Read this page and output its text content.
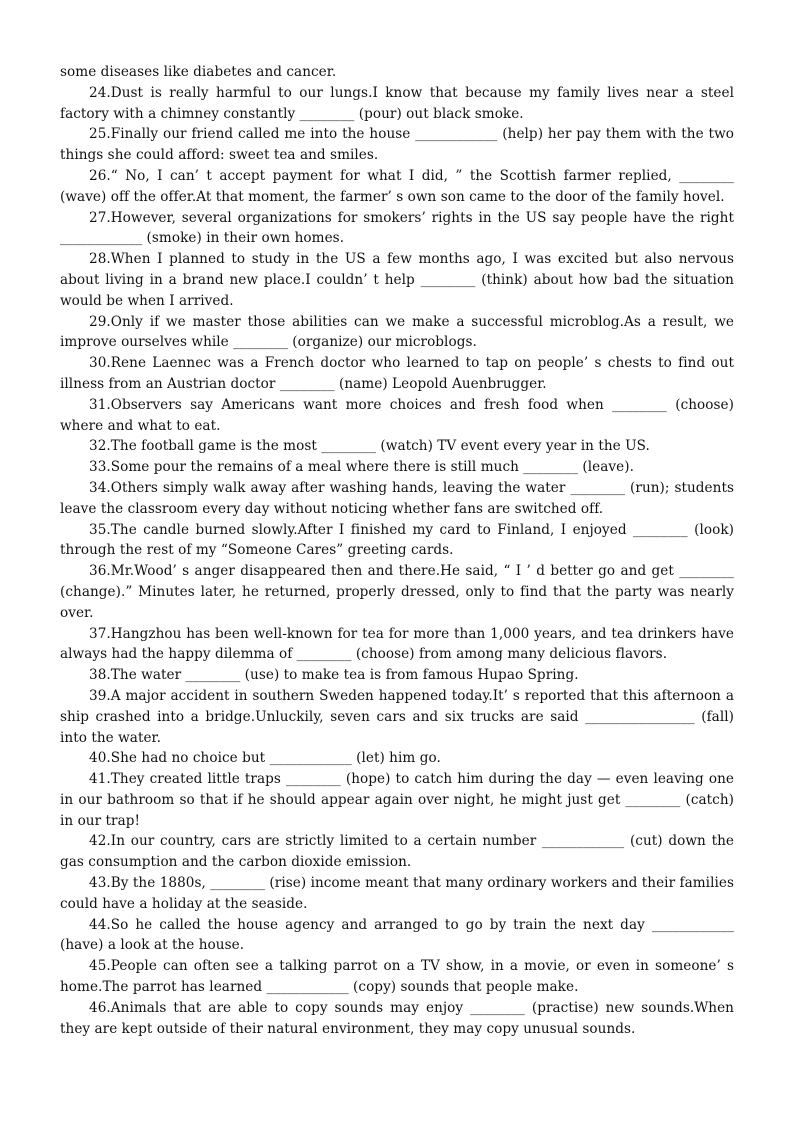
some diseases like diabetes and cancer.

24.Dust is really harmful to our lungs.I know that because my family lives near a steel factory with a chimney constantly ________ (pour) out black smoke.

25.Finally our friend called me into the house ____________ (help) her pay them with the two things she could afford: sweet tea and smiles.

26.“ No, I can’ t accept payment for what I did, ” the Scottish farmer replied, ________ (wave) off the offer.At that moment, the farmer’ s own son came to the door of the family hovel.

27.However, several organizations for smokers’ rights in the US say people have the right ____________ (smoke) in their own homes.

28.When I planned to study in the US a few months ago, I was excited but also nervous about living in a brand new place.I couldn’ t help ________ (think) about how bad the situation would be when I arrived.

29.Only if we master those abilities can we make a successful microblog.As a result, we improve ourselves while ________ (organize) our microblogs.

30.Rene Laennec was a French doctor who learned to tap on people’ s chests to find out illness from an Austrian doctor ________ (name) Leopold Auenbrugger.

31.Observers say Americans want more choices and fresh food when ________ (choose) where and what to eat.

32.The football game is the most ________ (watch) TV event every year in the US.

33.Some pour the remains of a meal where there is still much ________ (leave).

34.Others simply walk away after washing hands, leaving the water ________ (run); students leave the classroom every day without noticing whether fans are switched off.

35.The candle burned slowly.After I finished my card to Finland, I enjoyed ________ (look) through the rest of my “Someone Cares” greeting cards.

36.Mr.Wood’ s anger disappeared then and there.He said, “ I ’ d better go and get ________ (change).” Minutes later, he returned, properly dressed, only to find that the party was nearly over.

37.Hangzhou has been well-known for tea for more than 1,000 years, and tea drinkers have always had the happy dilemma of ________ (choose) from among many delicious flavors.

38.The water ________ (use) to make tea is from famous Hupao Spring.

39.A major accident in southern Sweden happened today.It’ s reported that this afternoon a ship crashed into a bridge.Unluckily, seven cars and six trucks are said ________________ (fall) into the water.

40.She had no choice but ____________ (let) him go.

41.They created little traps ________ (hope) to catch him during the day — even leaving one in our bathroom so that if he should appear again over night, he might just get ________ (catch) in our trap!

42.In our country, cars are strictly limited to a certain number ____________ (cut) down the gas consumption and the carbon dioxide emission.

43.By the 1880s, ________ (rise) income meant that many ordinary workers and their families could have a holiday at the seaside.

44.So he called the house agency and arranged to go by train the next day ____________ (have) a look at the house.

45.People can often see a talking parrot on a TV show, in a movie, or even in someone’ s home.The parrot has learned ____________ (copy) sounds that people make.

46.Animals that are able to copy sounds may enjoy ________ (practise) new sounds.When they are kept outside of their natural environment, they may copy unusual sounds.
